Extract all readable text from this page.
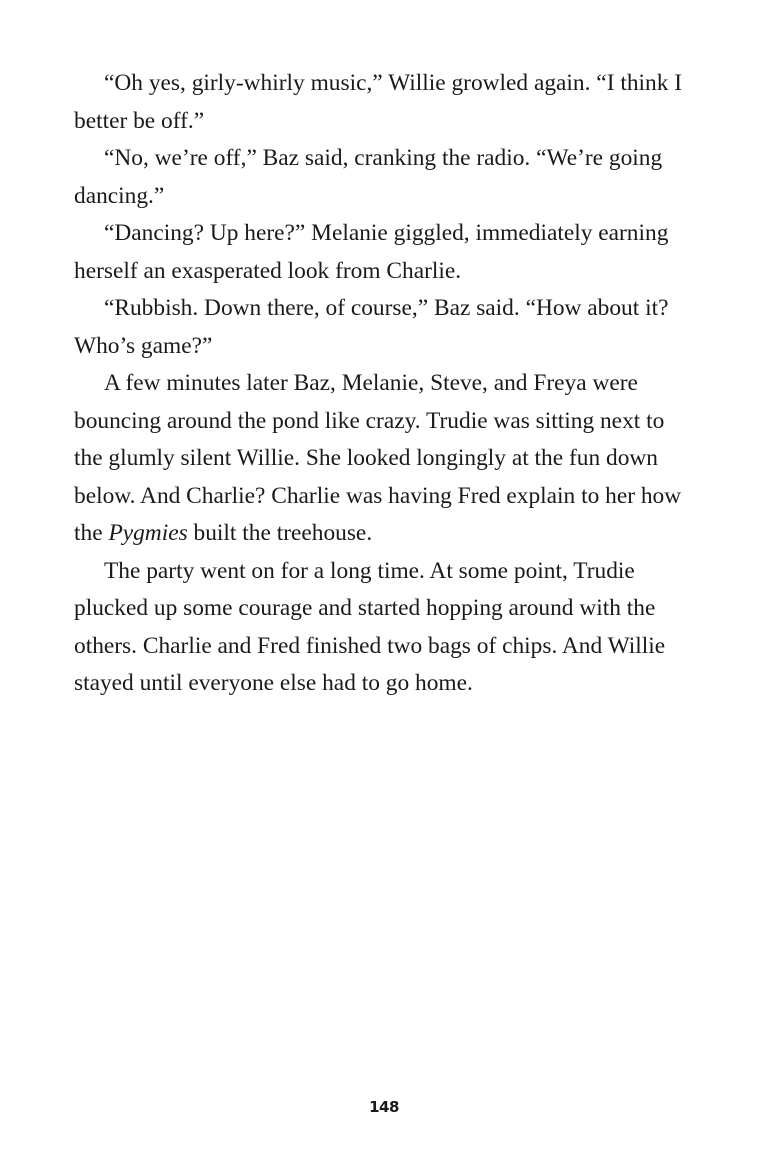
“Oh yes, girly-whirly music,” Willie growled again. “I think I better be off.”

“No, we’re off,” Baz said, cranking the radio. “We’re going dancing.”

“Dancing? Up here?” Melanie giggled, immediately earning herself an exasperated look from Charlie.

“Rubbish. Down there, of course,” Baz said. “How about it? Who’s game?”

A few minutes later Baz, Melanie, Steve, and Freya were bouncing around the pond like crazy. Trudie was sitting next to the glumly silent Willie. She looked longingly at the fun down below. And Charlie? Charlie was having Fred explain to her how the Pygmies built the treehouse.

The party went on for a long time. At some point, Trudie plucked up some courage and started hopping around with the others. Charlie and Fred finished two bags of chips. And Willie stayed until everyone else had to go home.

148
